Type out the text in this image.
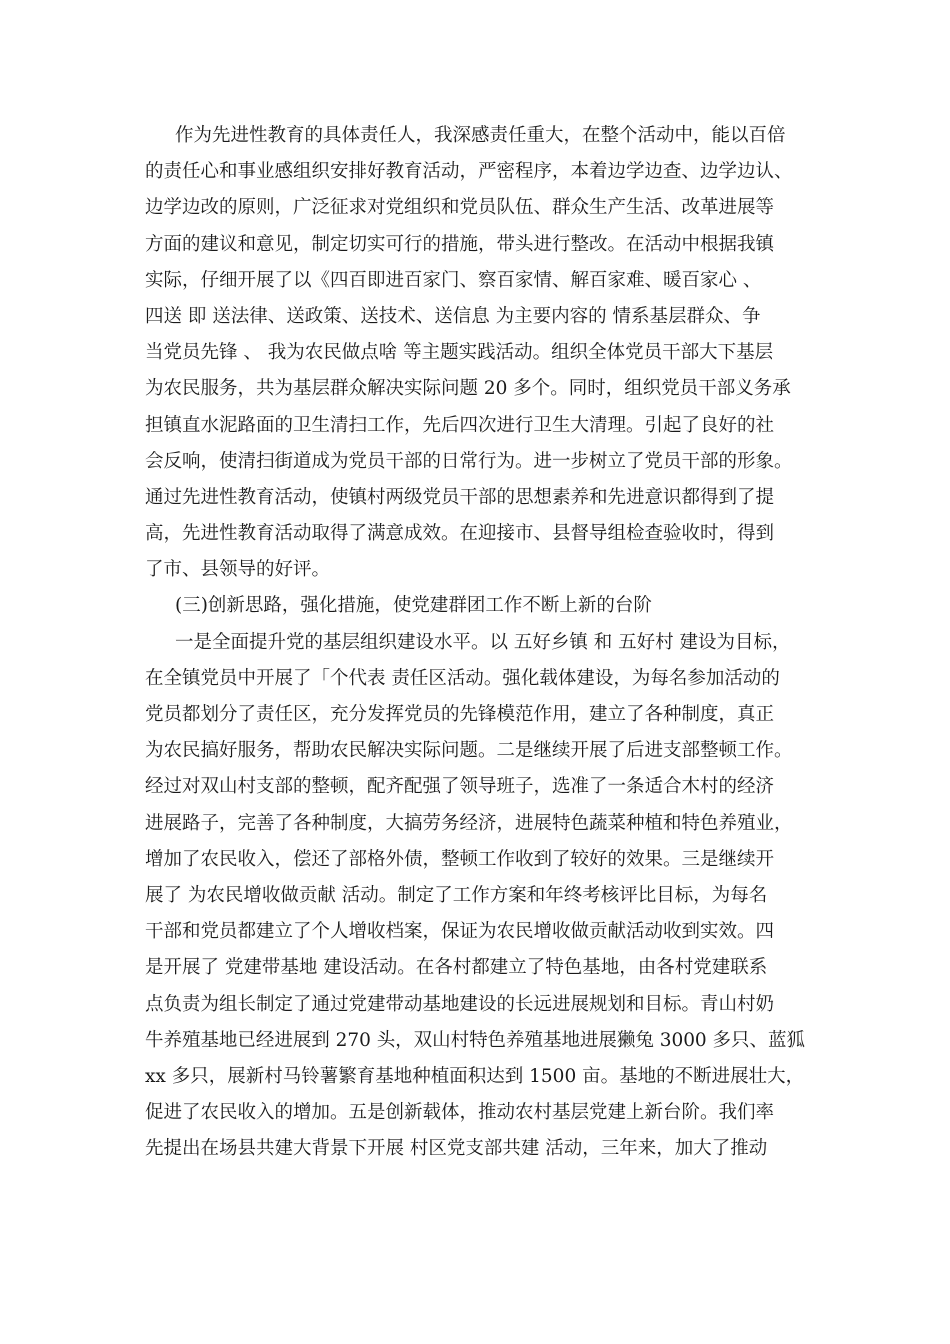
作为先进性教育的具体责任人，我深感责任重大，在整个活动中，能以百倍
的责任心和事业感组织安排好教育活动，严密程序，本着边学边查、边学边认、
边学边改的原则，广泛征求对党组织和党员队伍、群众生产生活、改革进展等
方面的建议和意见，制定切实可行的措施，带头进行整改。在活动中根据我镇
实际，仔细开展了以《四百即进百家门、察百家情、解百家难、暖百家心 、
四送 即 送法律、送政策、送技术、送信息 为主要内容的 情系基层群众、争
当党员先锋 、 我为农民做点啥 等主题实践活动。组织全体党员干部大下基层
为农民服务，共为基层群众解决实际问题 20 多个。同时，组织党员干部义务承
担镇直水泥路面的卫生清扫工作，先后四次进行卫生大清理。引起了良好的社
会反响，使清扫街道成为党员干部的日常行为。进一步树立了党员干部的形象。
通过先进性教育活动，使镇村两级党员干部的思想素养和先进意识都得到了提
高，先进性教育活动取得了满意成效。在迎接市、县督导组检查验收时，得到
了市、县领导的好评。
(三)创新思路，强化措施，使党建群团工作不断上新的台阶
一是全面提升党的基层组织建设水平。以 五好乡镇 和 五好村 建设为目标，
在全镇党员中开展了「个代表 责任区活动。强化载体建设，为每名参加活动的
党员都划分了责任区，充分发挥党员的先锋模范作用，建立了各种制度，真正
为农民搞好服务，帮助农民解决实际问题。二是继续开展了后进支部整顿工作。
经过对双山村支部的整顿，配齐配强了领导班子，选准了一条适合木村的经济
进展路子，完善了各种制度，大搞劳务经济，进展特色蔬菜种植和特色养殖业，
增加了农民收入，偿还了部格外债，整顿工作收到了较好的效果。三是继续开
展了 为农民增收做贡献 活动。制定了工作方案和年终考核评比目标，为每名
干部和党员都建立了个人增收档案，保证为农民增收做贡献活动收到实效。四
是开展了 党建带基地 建设活动。在各村都建立了特色基地，由各村党建联系
点负责为组长制定了通过党建带动基地建设的长远进展规划和目标。青山村奶
牛养殖基地已经进展到 270 头，双山村特色养殖基地进展獭兔 3000 多只、蓝狐
xx 多只，展新村马铃薯繁育基地种植面积达到 1500 亩。基地的不断进展壮大，
促进了农民收入的增加。五是创新载体，推动农村基层党建上新台阶。我们率
先提出在场县共建大背景下开展 村区党支部共建 活动，三年来，加大了推动
